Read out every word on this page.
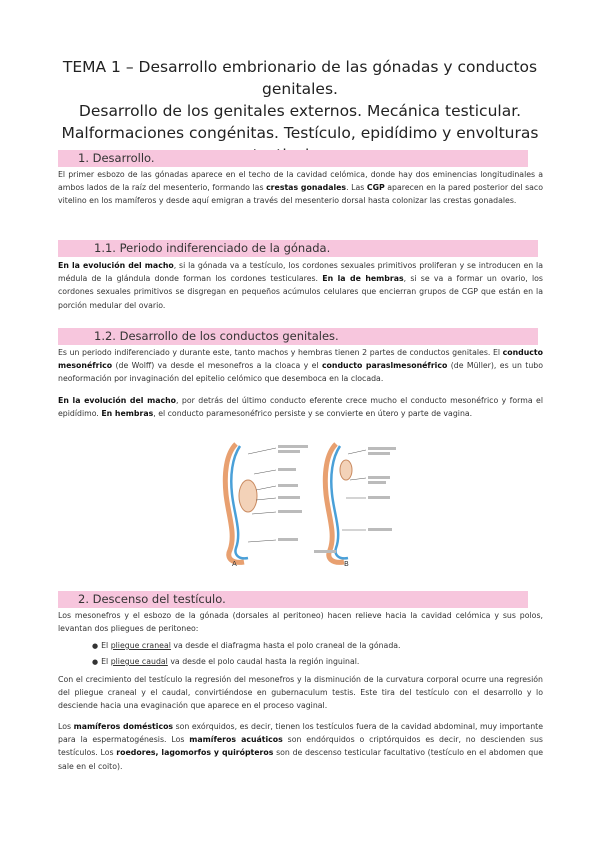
TEMA 1 – Desarrollo embrionario de las gónadas y conductos genitales.
Desarrollo de los genitales externos. Mecánica testicular.
Malformaciones congénitas. Testículo, epidídimo y envolturas

1. Desarrollo.

El primer esbozo de las gónadas aparece en el techo de la cavidad celómica, donde hay dos eminencias longitudinales a ambos lados de la raíz del mesenterio, formando las crestas gonadales. Las CGP aparecen en la pared posterior del saco vitelino en los mamíferos y desde aquí emigran a través del mesenterio dorsal hasta colonizar las crestas gonadales.

1.1. Periodo indiferenciado de la gónada.

En la evolución del macho, si la gónada va a testículo, los cordones sexuales primitivos proliferan y se introducen en la médula de la glándula donde forman los cordones testiculares. En la de hembras, si se va a formar un ovario, los cordones sexuales primitivos se disgregan en pequeños acúmulos celulares que encierran grupos de CGP que están en la porción medular del ovario.

1.2. Desarrollo de los conductos genitales.

Es un periodo indiferenciado y durante este, tanto machos y hembras tienen 2 partes de conductos genitales. El conducto mesonéfrico (de Wolff) va desde el mesonefros a la cloaca y el conducto paraslmesonéfrico (de Müller), es un tubo neoformación por invaginación del epitelio celómico que desemboca en la clocada.

En la evolución del macho, por detrás del último conducto eferente crece mucho el conducto mesonéfrico y forma el epidídimo. En hembras, el conducto paramesonéfrico persiste y se convierte en útero y parte de vagina.

A	B
2. Descenso del testículo.

Los mesonefros y el esbozo de la gónada (dorsales al peritoneo) hacen relieve hacia la cavidad celómica y sus polos, levantan dos pliegues de peritoneo:

● El pliegue craneal va desde el diafragma hasta el polo craneal de la gónada.
● El pliegue caudal va desde el polo caudal hasta la región inguinal.

Con el crecimiento del testículo la regresión del mesonefros y la disminución de la curvatura corporal ocurre una regresión del pliegue craneal y el caudal, convirtiéndose en gubernaculum testis. Este tira del testículo con el desarrollo y lo desciende hacia una evaginación que aparece en el proceso vaginal.

Los mamíferos domésticos son exórquidos, es decir, tienen los testículos fuera de la cavidad abdominal, muy importante para la espermatogénesis. Los mamíferos acuáticos son endórquidos o criptórquidos es decir, no descienden sus testículos. Los roedores, lagomorfos y quirópteros son de descenso testicular facultativo (testículo en el abdomen que sale en el coito).
